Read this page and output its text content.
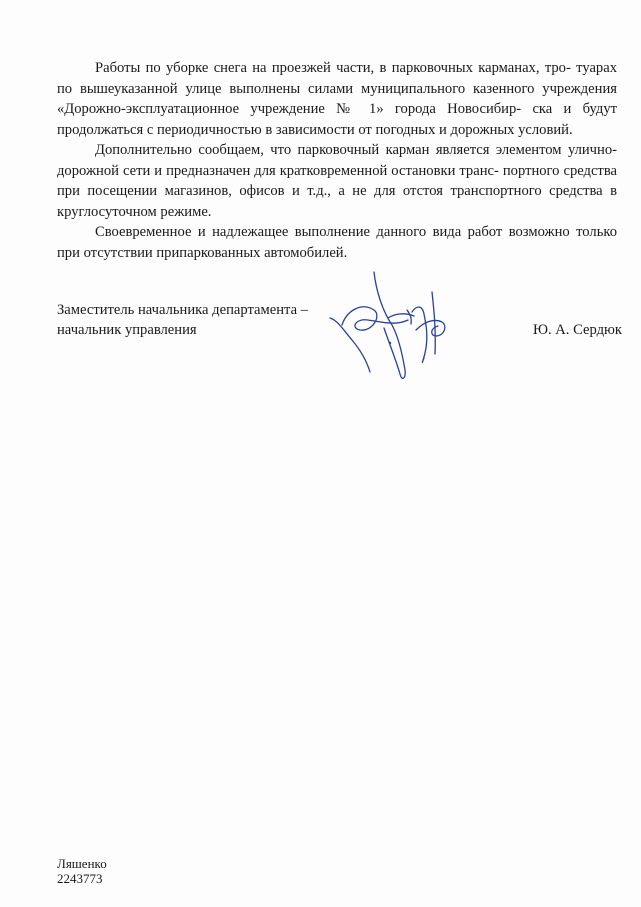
Работы по уборке снега на проезжей части, в парковочных карманах, тро- туарах по вышеуказанной улице выполнены силами муниципального казенного учреждения «Дорожно-эксплуатационное учреждение № 1» города Новосибир- ска и будут продолжаться с периодичностью в зависимости от погодных и дорожных условий.

Дополнительно сообщаем, что парковочный карман является элементом улично-дорожной сети и предназначен для кратковременной остановки транс- портного средства при посещении магазинов, офисов и т.д., а не для отстоя транспортного средства в круглосуточном режиме.

Своевременное и надлежащее выполнение данного вида работ возможно только при отсутствии припаркованных автомобилей.

Заместитель начальника департамента –
начальник управления	Ю. А. Сердюк
Ляшенко
2243773
